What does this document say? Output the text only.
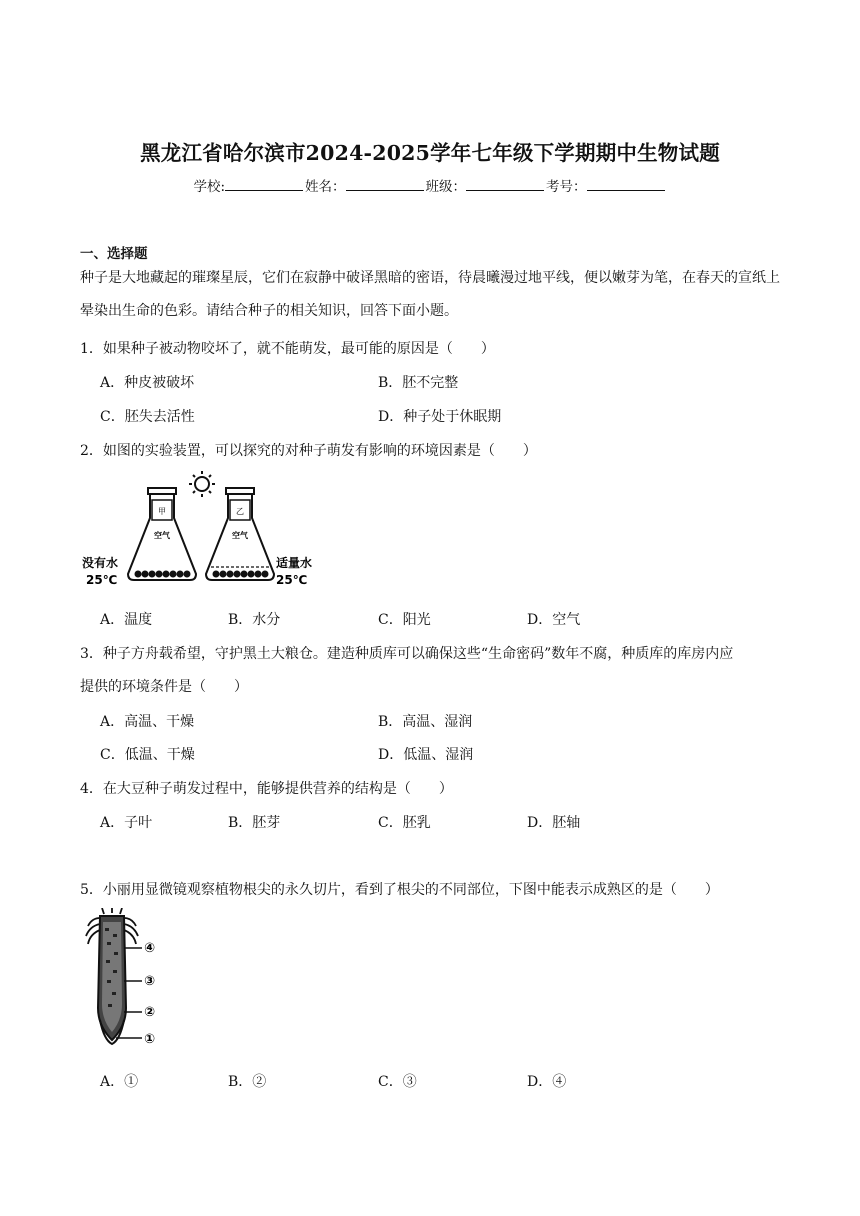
黑龙江省哈尔滨市2024-2025学年七年级下学期期中生物试题
学校:	姓名：	班级：	考号：
一、选择题
种子是大地藏起的璀璨星辰，它们在寂静中破译黑暗的密语，待晨曦漫过地平线，便以嫩芽为笔，在春天的宣纸上晕染出生命的色彩。请结合种子的相关知识，回答下面小题。
1．如果种子被动物咬坏了，就不能萌发，最可能的原因是（　　）
A．种皮被破坏	B．胚不完整
C．胚失去活性	D．种子处于休眠期
2．如图的实验装置，可以探究的对种子萌发有影响的环境因素是（　　）
甲	乙
空气	空气
没有水
25℃
适量水
25℃
A．温度	B．水分	C．阳光	D．空气
3．种子方舟载希望，守护黑土大粮仓。建造种质库可以确保这些“生命密码”数年不腐，种质库的库房内应
提供的环境条件是（　　）
A．高温、干燥	B．高温、湿润
C．低温、干燥	D．低温、湿润
4．在大豆种子萌发过程中，能够提供营养的结构是（　　）
A．子叶	B．胚芽	C．胚乳	D．胚轴
5．小丽用显微镜观察植物根尖的永久切片，看到了根尖的不同部位，下图中能表示成熟区的是（　　）
④
③
②
①
A．①	B．②	C．③	D．④
